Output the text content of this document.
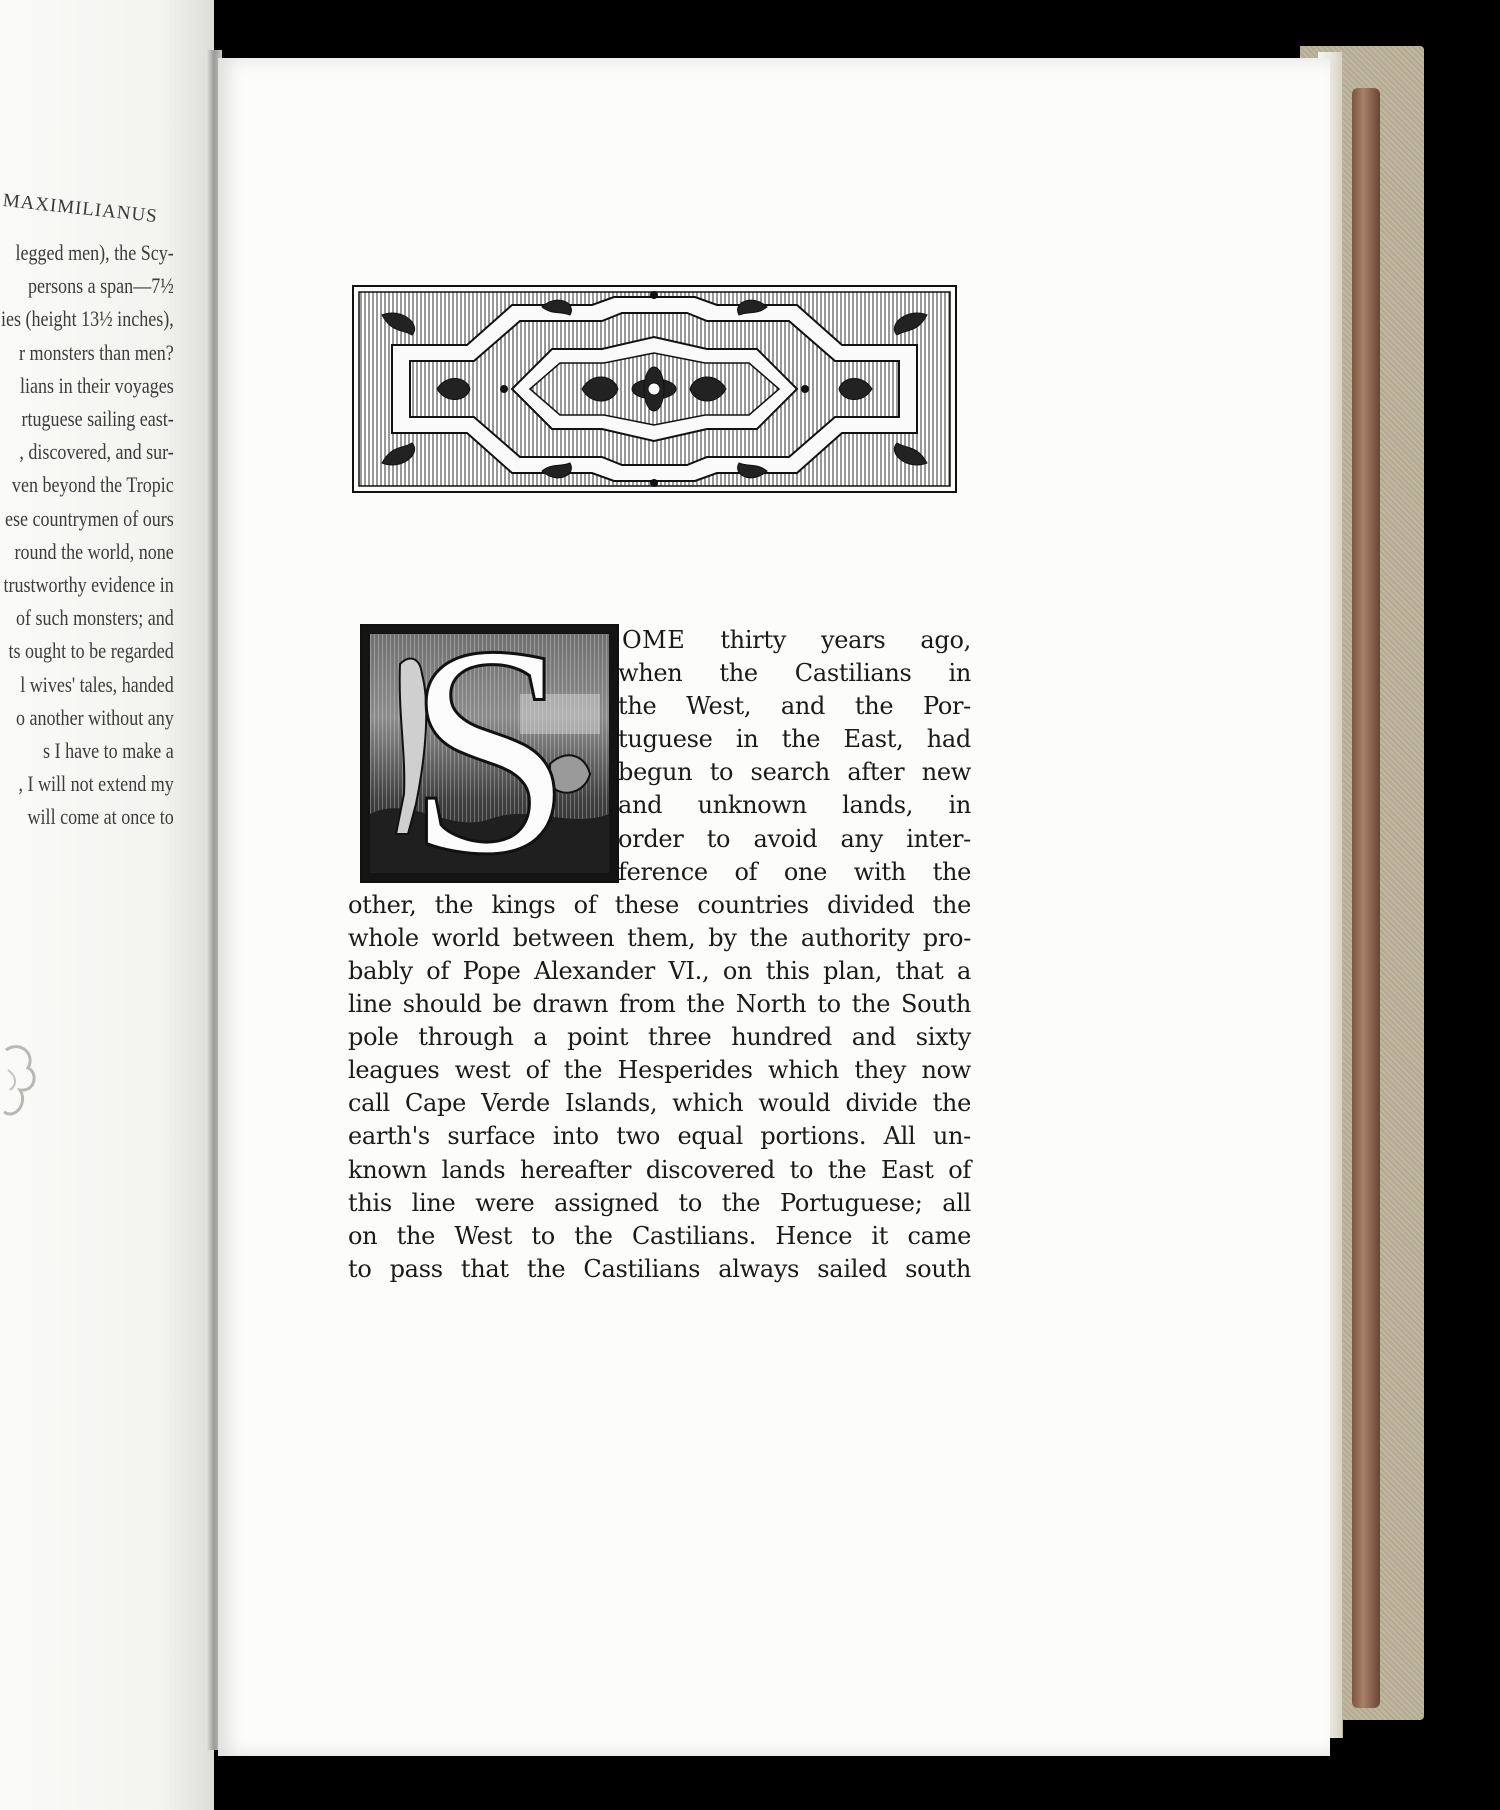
MAXIMILIANUS
legged men), the Scy-
persons a span—7½
ies (height 13½ inches),
r monsters than men?
lians in their voyages
rtuguese sailing east-
, discovered, and sur-
ven beyond the Tropic
ese countrymen of ours
round the world, none
trustworthy evidence in
of such monsters; and
ts ought to be regarded
l wives' tales, handed
o another without any
s I have to make a
, I will not extend my
will come at once to S	OME thirty years ago,
when the Castilians in
the West, and the Por-
tuguese in the East, had
begun to search after new
and unknown lands, in
order to avoid any inter-
ference of one with the
other, the kings of these countries divided the
whole world between them, by the authority pro-
bably of Pope Alexander VI., on this plan, that a
line should be drawn from the North to the South
pole through a point three hundred and sixty
leagues west of the Hesperides which they now
call Cape Verde Islands, which would divide the
earth's surface into two equal portions. All un-
known lands hereafter discovered to the East of
this line were assigned to the Portuguese; all
on the West to the Castilians. Hence it came
to pass that the Castilians always sailed south
